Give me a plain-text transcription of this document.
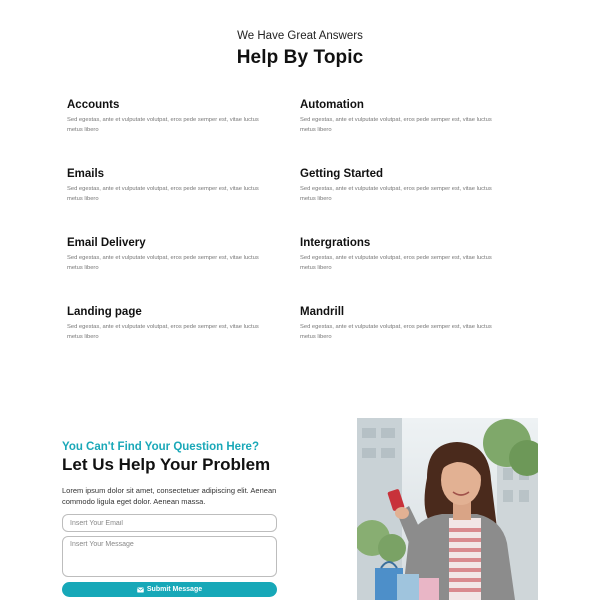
We Have Great Answers
Help By Topic
Accounts

Sed egestas, ante et vulputate volutpat, eros pede semper est, vitae luctus metus libero

Automation

Sed egestas, ante et vulputate volutpat, eros pede semper est, vitae luctus metus libero

Emails

Sed egestas, ante et vulputate volutpat, eros pede semper est, vitae luctus metus libero

Getting Started

Sed egestas, ante et vulputate volutpat, eros pede semper est, vitae luctus metus libero

Email Delivery

Sed egestas, ante et vulputate volutpat, eros pede semper est, vitae luctus metus libero

Intergrations

Sed egestas, ante et vulputate volutpat, eros pede semper est, vitae luctus metus libero

Landing page

Sed egestas, ante et vulputate volutpat, eros pede semper est, vitae luctus metus libero

Mandrill

Sed egestas, ante et vulputate volutpat, eros pede semper est, vitae luctus metus libero

You Can't Find Your Question Here?
Let Us Help Your Problem

Lorem ipsum dolor sit amet, consectetuer adipiscing elit. Aenean commodo ligula eget dolor. Aenean massa.

Insert Your Email
Insert Your Message
Submit Message
